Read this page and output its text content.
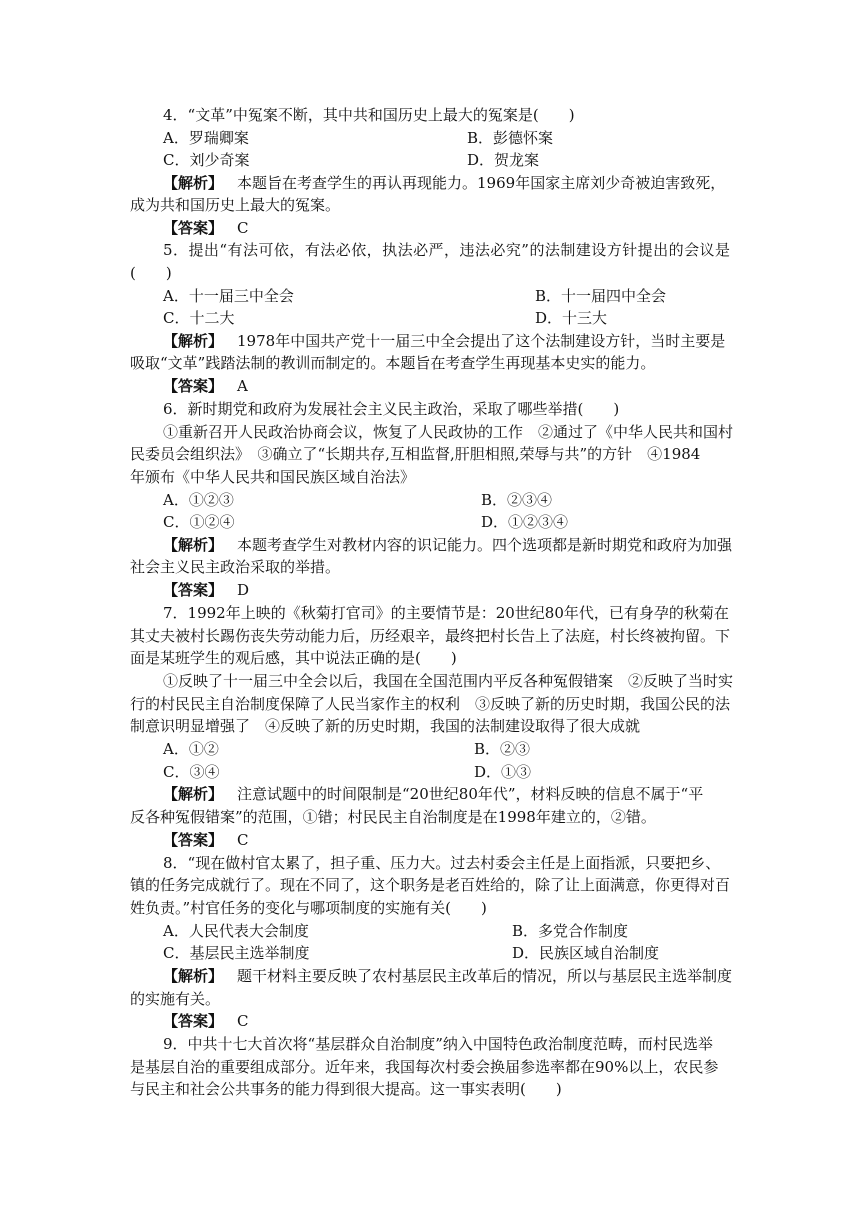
4．“文革”中冤案不断，其中共和国历史上最大的冤案是(　　)
A．罗瑞卿案	B．彭德怀案
C．刘少奇案	D．贺龙案
【解析】 本题旨在考查学生的再认再现能力。1969年国家主席刘少奇被迫害致死，
成为共和国历史上最大的冤案。
【答案】 C
5．提出“有法可依，有法必依，执法必严，违法必究”的法制建设方针提出的会议是
(　　)
A．十一届三中全会	B．十一届四中全会
C．十二大	D．十三大
【解析】 1978年中国共产党十一届三中全会提出了这个法制建设方针，当时主要是
吸取“文革”践踏法制的教训而制定的。本题旨在考查学生再现基本史实的能力。
【答案】 A
6．新时期党和政府为发展社会主义民主政治，采取了哪些举措(　　)
①重新召开人民政治协商会议，恢复了人民政协的工作　②通过了《中华人民共和国村
民委员会组织法》　③确立了“长期共存,互相监督,肝胆相照,荣辱与共”的方针　④1984
年颁布《中华人民共和国民族区域自治法》
A．①②③	B．②③④
C．①②④	D．①②③④
【解析】 本题考查学生对教材内容的识记能力。四个选项都是新时期党和政府为加强
社会主义民主政治采取的举措。
【答案】 D
7．1992年上映的《秋菊打官司》的主要情节是：20世纪80年代，已有身孕的秋菊在
其丈夫被村长踢伤丧失劳动能力后，历经艰辛，最终把村长告上了法庭，村长终被拘留。下
面是某班学生的观后感，其中说法正确的是(　　)
①反映了十一届三中全会以后，我国在全国范围内平反各种冤假错案　②反映了当时实
行的村民民主自治制度保障了人民当家作主的权利　③反映了新的历史时期，我国公民的法
制意识明显增强了　④反映了新的历史时期，我国的法制建设取得了很大成就
A．①②	B．②③
C．③④	D．①③
【解析】 注意试题中的时间限制是“20世纪80年代”，材料反映的信息不属于“平
反各种冤假错案”的范围，①错；村民民主自治制度是在1998年建立的，②错。
【答案】 C
8．“现在做村官太累了，担子重、压力大。过去村委会主任是上面指派，只要把乡、
镇的任务完成就行了。现在不同了，这个职务是老百姓给的，除了让上面满意，你更得对百
姓负责。”村官任务的变化与哪项制度的实施有关(　　)
A．人民代表大会制度	B．多党合作制度
C．基层民主选举制度	D．民族区域自治制度
【解析】 题干材料主要反映了农村基层民主改革后的情况，所以与基层民主选举制度
的实施有关。
【答案】 C
9．中共十七大首次将“基层群众自治制度”纳入中国特色政治制度范畴，而村民选举
是基层自治的重要组成部分。近年来，我国每次村委会换届参选率都在90%以上，农民参
与民主和社会公共事务的能力得到很大提高。这一事实表明(　　)
